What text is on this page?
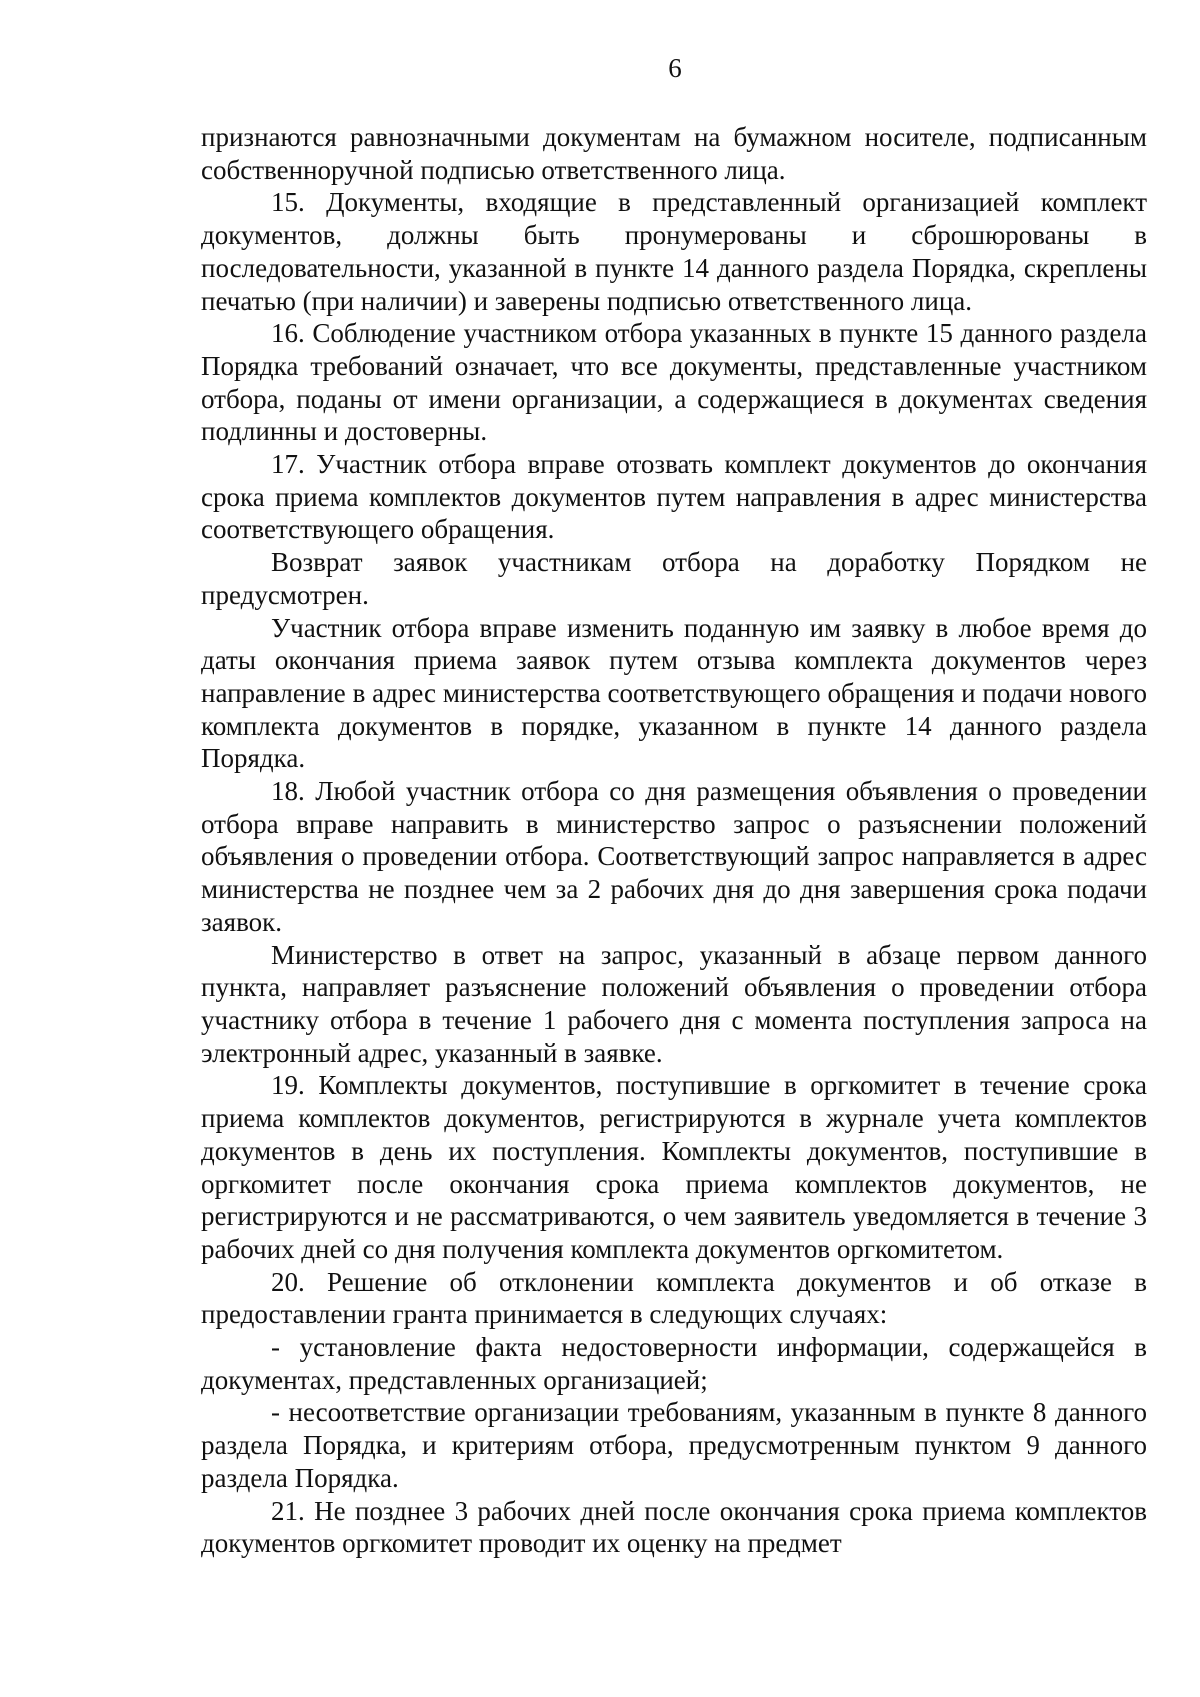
6

признаются равнозначными документам на бумажном носителе, подписанным собственноручной подписью ответственного лица.

15. Документы, входящие в представленный организацией комплект документов, должны быть пронумерованы и сброшюрованы в последовательности, указанной в пункте 14 данного раздела Порядка, скреплены печатью (при наличии) и заверены подписью ответственного лица.

16. Соблюдение участником отбора указанных в пункте 15 данного раздела Порядка требований означает, что все документы, представленные участником отбора, поданы от имени организации, а содержащиеся в документах сведения подлинны и достоверны.

17. Участник отбора вправе отозвать комплект документов до окончания срока приема комплектов документов путем направления в адрес министерства соответствующего обращения.

Возврат заявок участникам отбора на доработку Порядком не предусмотрен.

Участник отбора вправе изменить поданную им заявку в любое время до даты окончания приема заявок путем отзыва комплекта документов через направление в адрес министерства соответствующего обращения и подачи нового комплекта документов в порядке, указанном в пункте 14 данного раздела Порядка.

18. Любой участник отбора со дня размещения объявления о проведении отбора вправе направить в министерство запрос о разъяснении положений объявления о проведении отбора. Соответствующий запрос направляется в адрес министерства не позднее чем за 2 рабочих дня до дня завершения срока подачи заявок.

Министерство в ответ на запрос, указанный в абзаце первом данного пункта, направляет разъяснение положений объявления о проведении отбора участнику отбора в течение 1 рабочего дня с момента поступления запроса на электронный адрес, указанный в заявке.

19. Комплекты документов, поступившие в оргкомитет в течение срока приема комплектов документов, регистрируются в журнале учета комплектов документов в день их поступления. Комплекты документов, поступившие в оргкомитет после окончания срока приема комплектов документов, не регистрируются и не рассматриваются, о чем заявитель уведомляется в течение 3 рабочих дней со дня получения комплекта документов оргкомитетом.

20. Решение об отклонении комплекта документов и об отказе в предоставлении гранта принимается в следующих случаях:

- установление факта недостоверности информации, содержащейся в документах, представленных организацией;

- несоответствие организации требованиям, указанным в пункте 8 данного раздела Порядка, и критериям отбора, предусмотренным пунктом 9 данного раздела Порядка.

21. Не позднее 3 рабочих дней после окончания срока приема комплектов документов оргкомитет проводит их оценку на предмет
